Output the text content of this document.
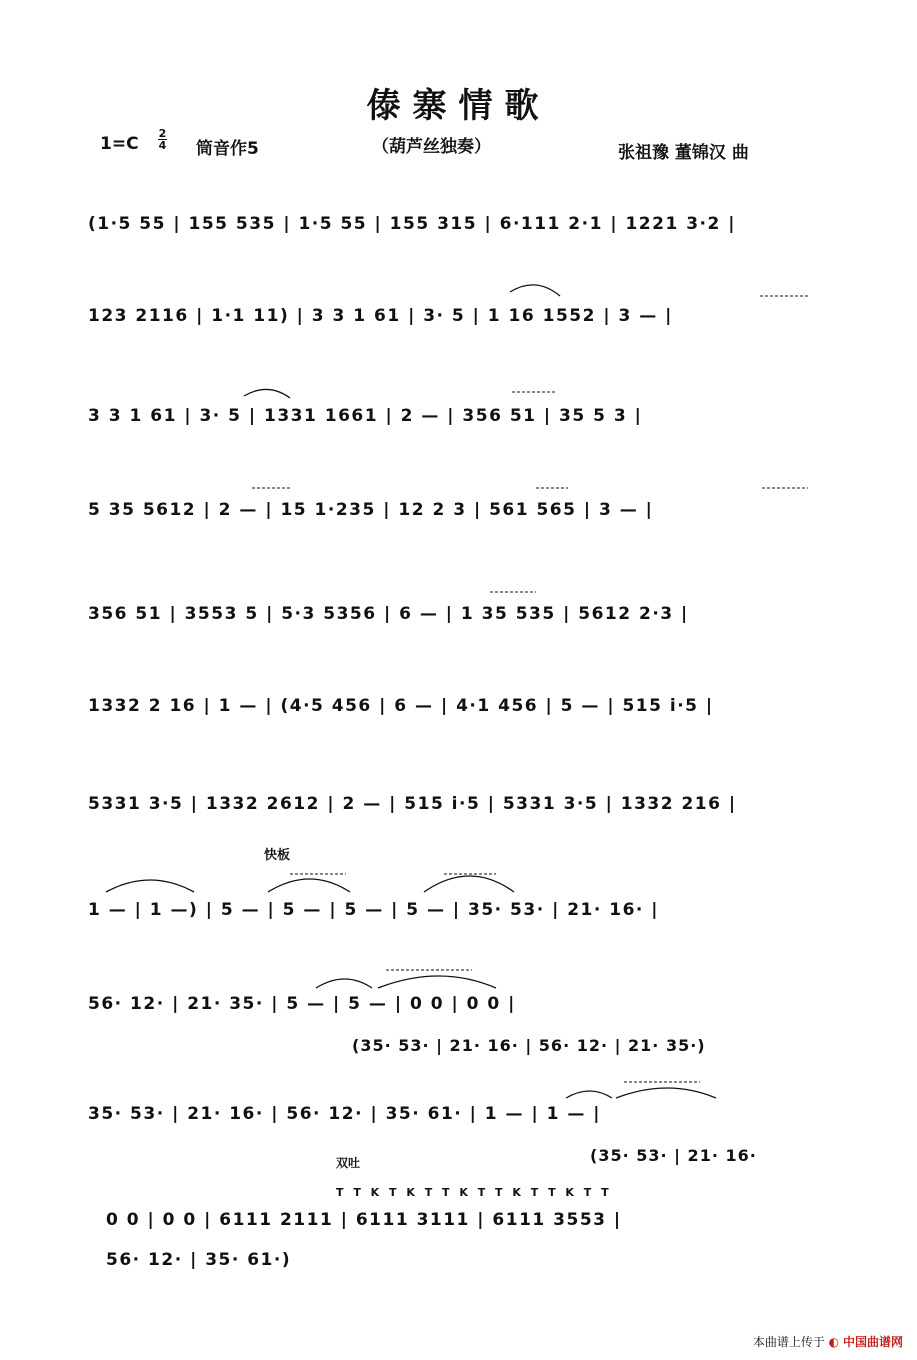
傣寨情歌
1=C
2
4 筒音作5	（葫芦丝独奏）	张祖豫 董锦汉 曲
(1·5 55 | 155 535 | 1·5 55 | 155 315 | 6·111 2·1 | 1221 3·2 |
123 2116 | 1·1 11) | 3 3 1 61 | 3· 5 | 1 16 1552 | 3 — |
3 3 1 61 | 3· 5 | 1331 1661 | 2 — | 356 51 | 35 5 3 |
5 35 5612 | 2 — | 15 1·235 | 12 2 3 | 561 565 | 3 — |
356 51 | 3553 5 | 5·3 5356 | 6 — | 1 35 535 | 5612 2·3 |
1332 2 16 | 1 — | (4·5 456 | 6 — | 4·1 456 | 5 — | 515 i·5 |
5331 3·5 | 1332 2612 | 2 — | 515 i·5 | 5331 3·5 | 1332 216 |
快板
1 — | 1 —) | 5 — | 5 — | 5 — | 5 — | 35· 53· | 21· 16· |
56· 12· | 21· 35· | 5 — | 5 — | 0 0 | 0 0 |
(35· 53· | 21· 16· | 56· 12· | 21· 35·)
35· 53· | 21· 16· | 56· 12· | 35· 61· | 1 — | 1 — |
双吐	(35· 53· | 21· 16·
T T K T K T T K T T K T T K T T
0 0 | 0 0 | 6111 2111 | 6111 3111 | 6111 3553 |
56· 12· | 35· 61·)
本曲谱上传于 ◐ 中国曲谱网
